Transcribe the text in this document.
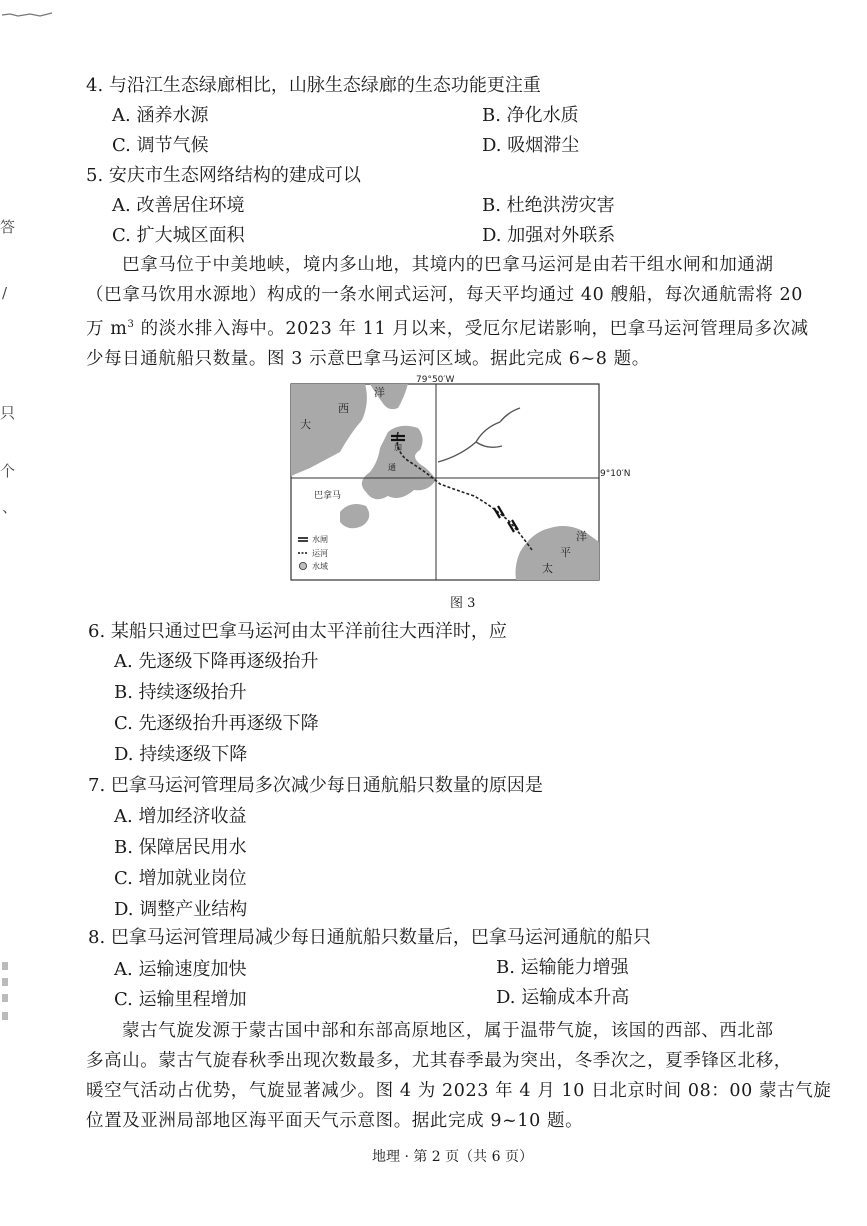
答
/
只
个
、
4. 与沿江生态绿廊相比，山脉生态绿廊的生态功能更注重
A. 涵养水源	B. 净化水质
C. 调节气候	D. 吸烟滞尘
5. 安庆市生态网络结构的建成可以
A. 改善居住环境	B. 杜绝洪涝灾害
C. 扩大城区面积	D. 加强对外联系
巴拿马位于中美地峡，境内多山地，其境内的巴拿马运河是由若干组水闸和加通湖
（巴拿马饮用水源地）构成的一条水闸式运河，每天平均通过 40 艘船，每次通航需将 20
万 $m^3$ 的淡水排入海中。2023 年 11 月以来，受厄尔尼诺影响，巴拿马运河管理局多次减
少每日通航船只数量。图 3 示意巴拿马运河区域。据此完成 6~8 题。
79°50′W
9°10′N
大
西
洋
太
平
洋
巴拿马
加
通
水闸
运河
水域
图 3
6. 某船只通过巴拿马运河由太平洋前往大西洋时，应
A. 先逐级下降再逐级抬升
B. 持续逐级抬升
C. 先逐级抬升再逐级下降
D. 持续逐级下降
7. 巴拿马运河管理局多次减少每日通航船只数量的原因是
A. 增加经济收益
B. 保障居民用水
C. 增加就业岗位
D. 调整产业结构
8. 巴拿马运河管理局减少每日通航船只数量后，巴拿马运河通航的船只
A. 运输速度加快	B. 运输能力增强
C. 运输里程增加	D. 运输成本升高
蒙古气旋发源于蒙古国中部和东部高原地区，属于温带气旋，该国的西部、西北部
多高山。蒙古气旋春秋季出现次数最多，尤其春季最为突出，冬季次之，夏季锋区北移，
暖空气活动占优势，气旋显著减少。图 4 为 2023 年 4 月 10 日北京时间 08：00 蒙古气旋
位置及亚洲局部地区海平面天气示意图。据此完成 9~10 题。
地理 · 第 2 页（共 6 页）
